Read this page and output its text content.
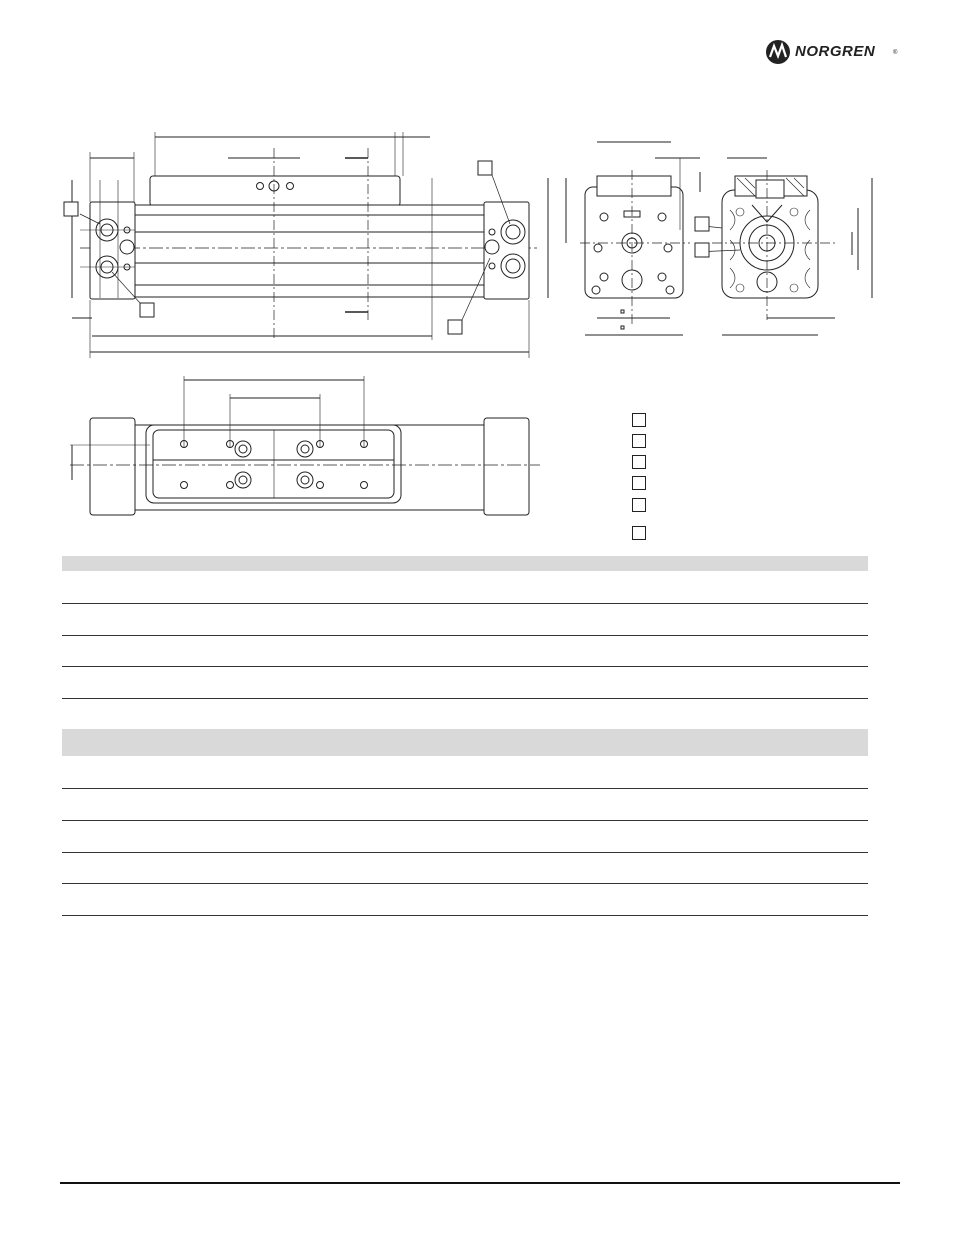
NORGREN	®
